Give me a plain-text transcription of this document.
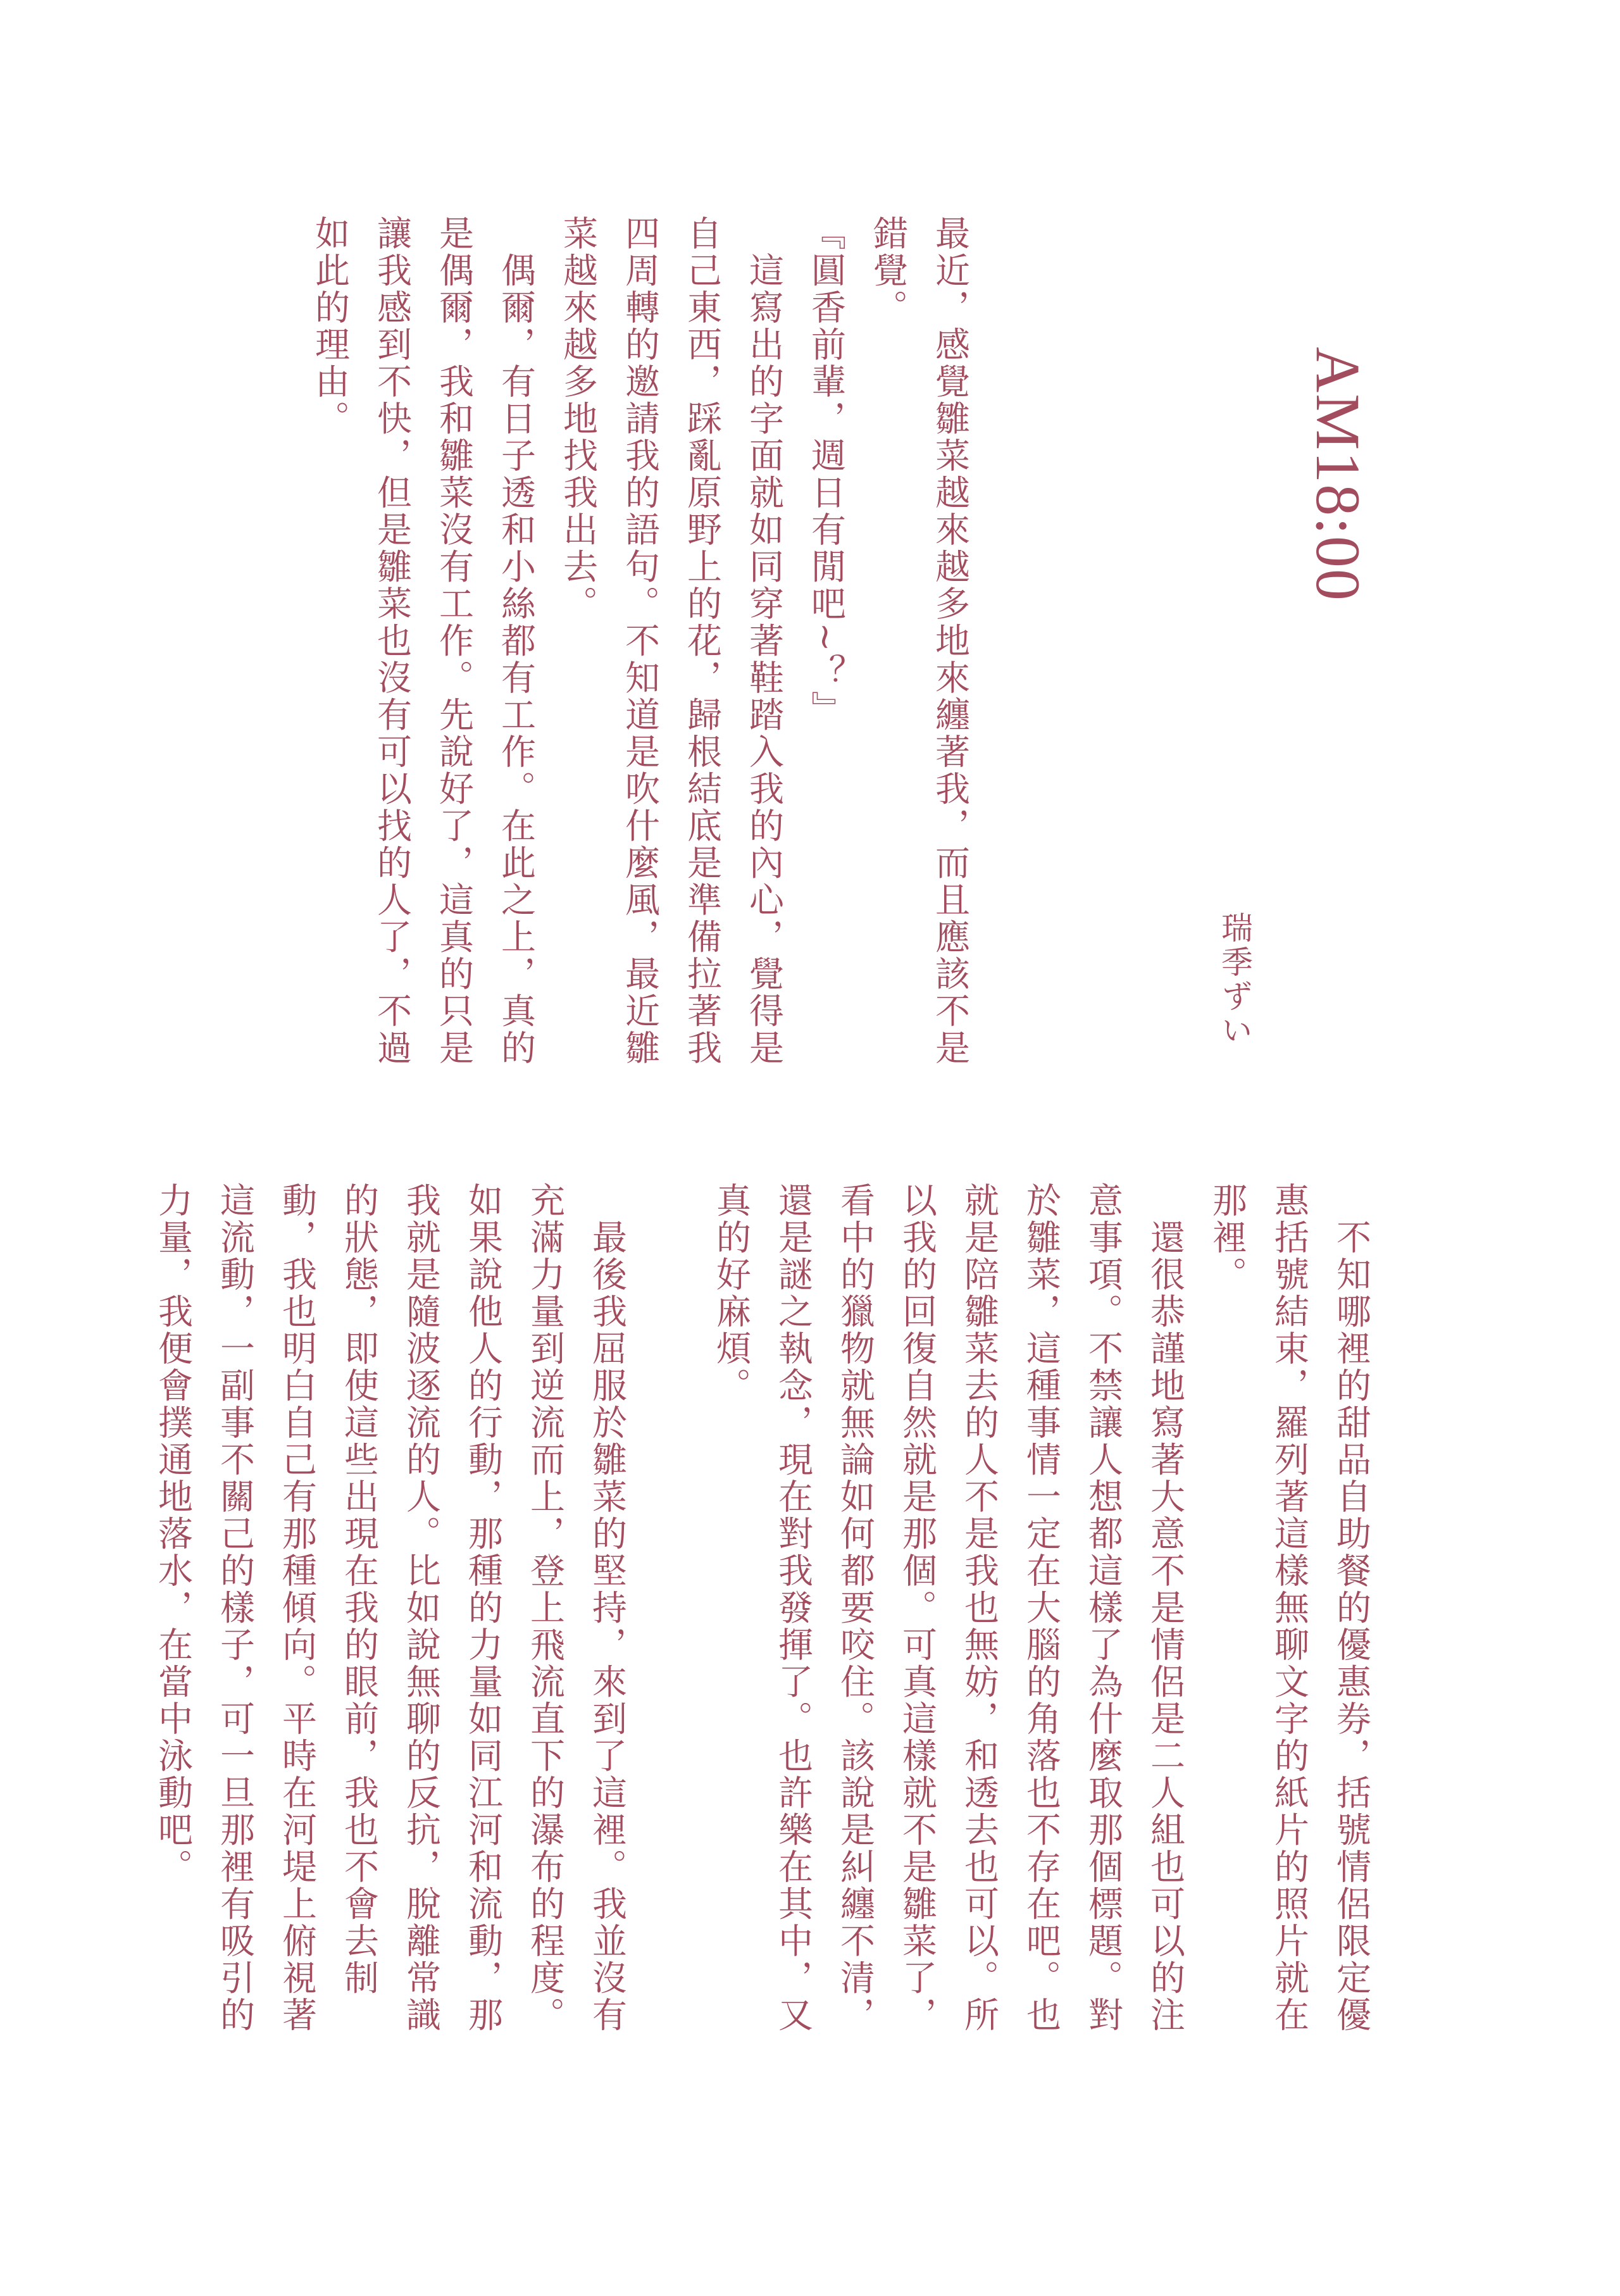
AM18:00
瑞季ずい
最近，感覺雛菜越來越多地來纏著我，而且應該不是錯覺。
『圓香前輩，週日有閒吧~？』
　這寫出的字面就如同穿著鞋踏入我的內心，覺得是自己東西，踩亂原野上的花，歸根結底是準備拉著我四周轉的邀請我的語句。不知道是吹什麼風，最近雛菜越來越多地找我出去。
　偶爾，有日子透和小絲都有工作。在此之上，真的是偶爾，我和雛菜沒有工作。先說好了，這真的只是讓我感到不快，但是雛菜也沒有可以找的人了，不過如此的理由。
　不知哪裡的甜品自助餐的優惠券，括號情侶限定優惠括號結束，羅列著這樣無聊文字的紙片的照片就在那裡。
　還很恭謹地寫著大意不是情侶是二人組也可以的注意事項。不禁讓人想都這樣了為什麼取那個標題。對於雛菜，這種事情一定在大腦的角落也不存在吧。也就是陪雛菜去的人不是我也無妨，和透去也可以。所以我的回復自然就是那個。可真這樣就不是雛菜了，看中的獵物就無論如何都要咬住。該說是糾纏不清，還是謎之執念，現在對我發揮了。也許樂在其中，又真的好麻煩。

　最後我屈服於雛菜的堅持，來到了這裡。我並沒有充滿力量到逆流而上，登上飛流直下的瀑布的程度。如果說他人的行動，那種的力量如同江河和流動，那我就是隨波逐流的人。比如說無聊的反抗，脫離常識的狀態，即使這些出現在我的眼前，我也不會去制動，我也明白自己有那種傾向。平時在河堤上俯視著這流動，一副事不關己的樣子，可一旦那裡有吸引的力量，我便會撲通地落水，在當中泳動吧。
